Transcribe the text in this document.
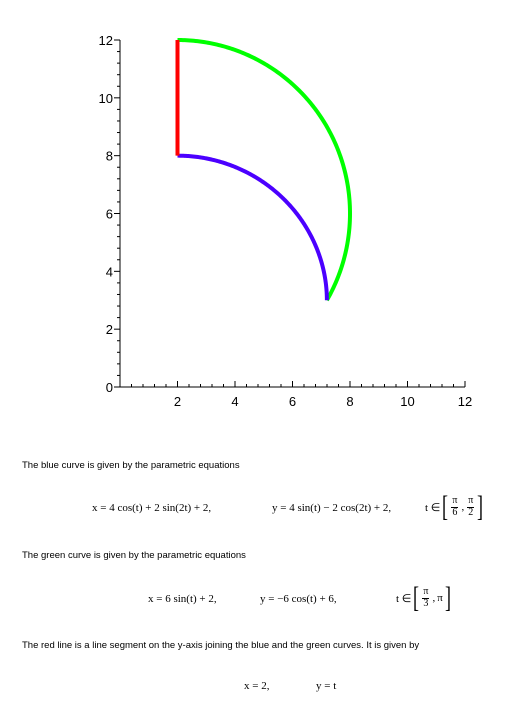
2	4	6	8	10	12
0
2
4
6
8
10
12
The blue curve is given by the parametric equations
x = 4 cos(t) + 2 sin(2t) + 2,	y = 4 sin(t) − 2 cos(2t) + 2,	t ∈ [ $\frac{\pi}{6}$ , $\frac{\pi}{2}$ ]
The green curve is given by the parametric equations
x = 6 sin(t) + 2,	y = −6 cos(t) + 6,	t ∈ [ $\frac{\pi}{3}$ , π ]
The red line is a line segment on the y-axis joining the blue and the green curves. It is given by
x = 2,	y = t
